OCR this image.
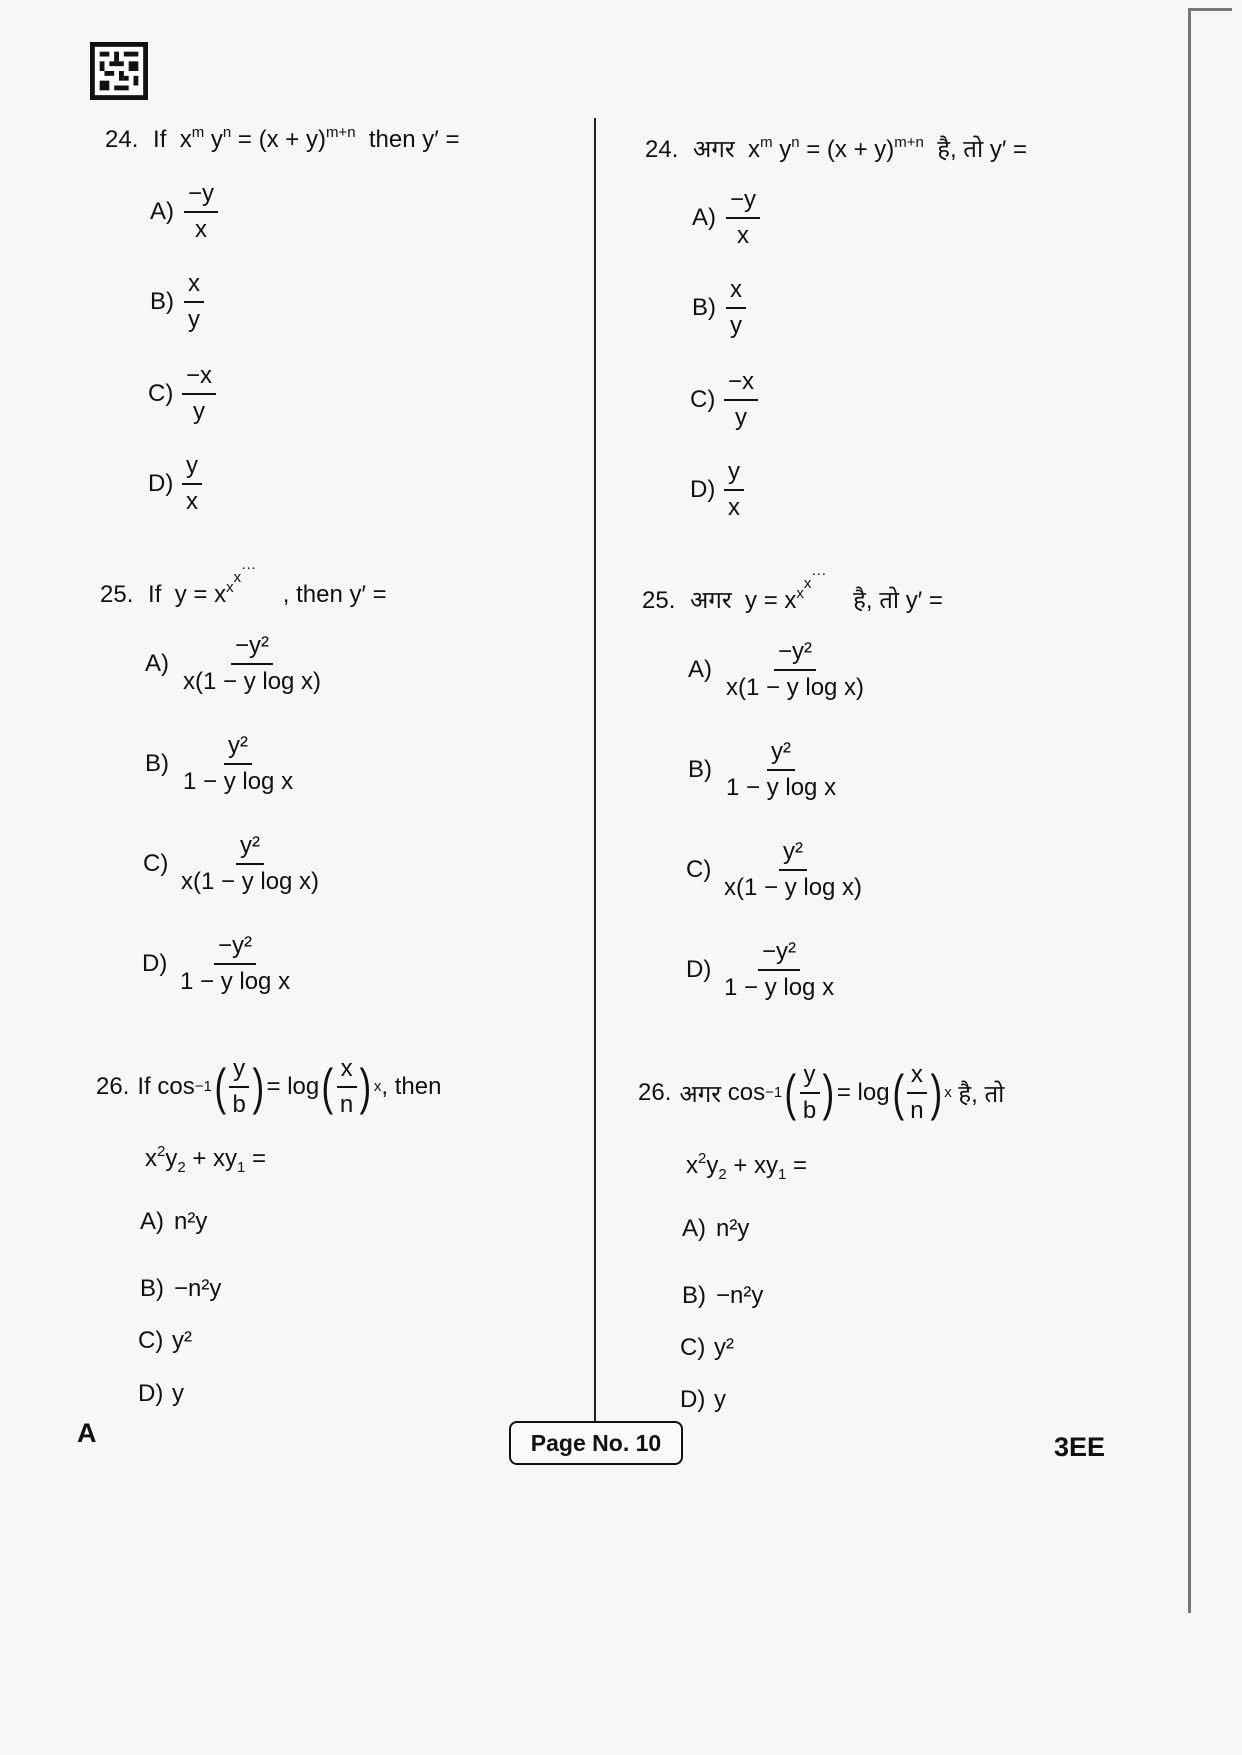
24. If  $x^m$ $y^n = (x + y)^{m+n}$ then y′ =
$A) \frac{-y}{x}$
$B) \frac{x}{y}$
$C) \frac{-x}{y}$
$D) \frac{y}{x}$
25. If  $y = x^{x^{x^{\cdot\cdot\cdot}}}$    , then y′ =
$A) \frac{\text{−y²}}{\text{x(1 − y log x)}}$
$B) \frac{\text{y²}}{\text{1 − y log x}}$
$C) \frac{\text{y²}}{\text{x(1 − y log x)}}$
$D) \frac{\text{−y²}}{\text{1 − y log x}}$
26. If cos −1 ( $\frac{y}{b}$ ) = log ( $\frac{x}{n}$ ) x , then
$x^2y_2 + xy_1$ =
A) n²y
B) −n²y
C) y²
D) y
24. अगर  $x^m$ $y^n = (x + y)^{m+n}$ है, तो y′ =
$A) \frac{-y}{x}$
$B) \frac{x}{y}$
$C) \frac{-x}{y}$
$D) \frac{y}{x}$
25. अगर  $y = x^{x^{x^{\cdot\cdot\cdot}}}$    है, तो y′ =
$A) \frac{\text{−y²}}{\text{x(1 − y log x)}}$
$B) \frac{\text{y²}}{\text{1 − y log x}}$
$C) \frac{\text{y²}}{\text{x(1 − y log x)}}$
$D) \frac{\text{−y²}}{\text{1 − y log x}}$
26. अगर cos −1 ( $\frac{y}{b}$ ) = log ( $\frac{x}{n}$ ) x
है, तो
$x^2y_2 + xy_1$ =
A) n²y
B) −n²y
C) y²
D) y
A	Page No. 10	3EE
